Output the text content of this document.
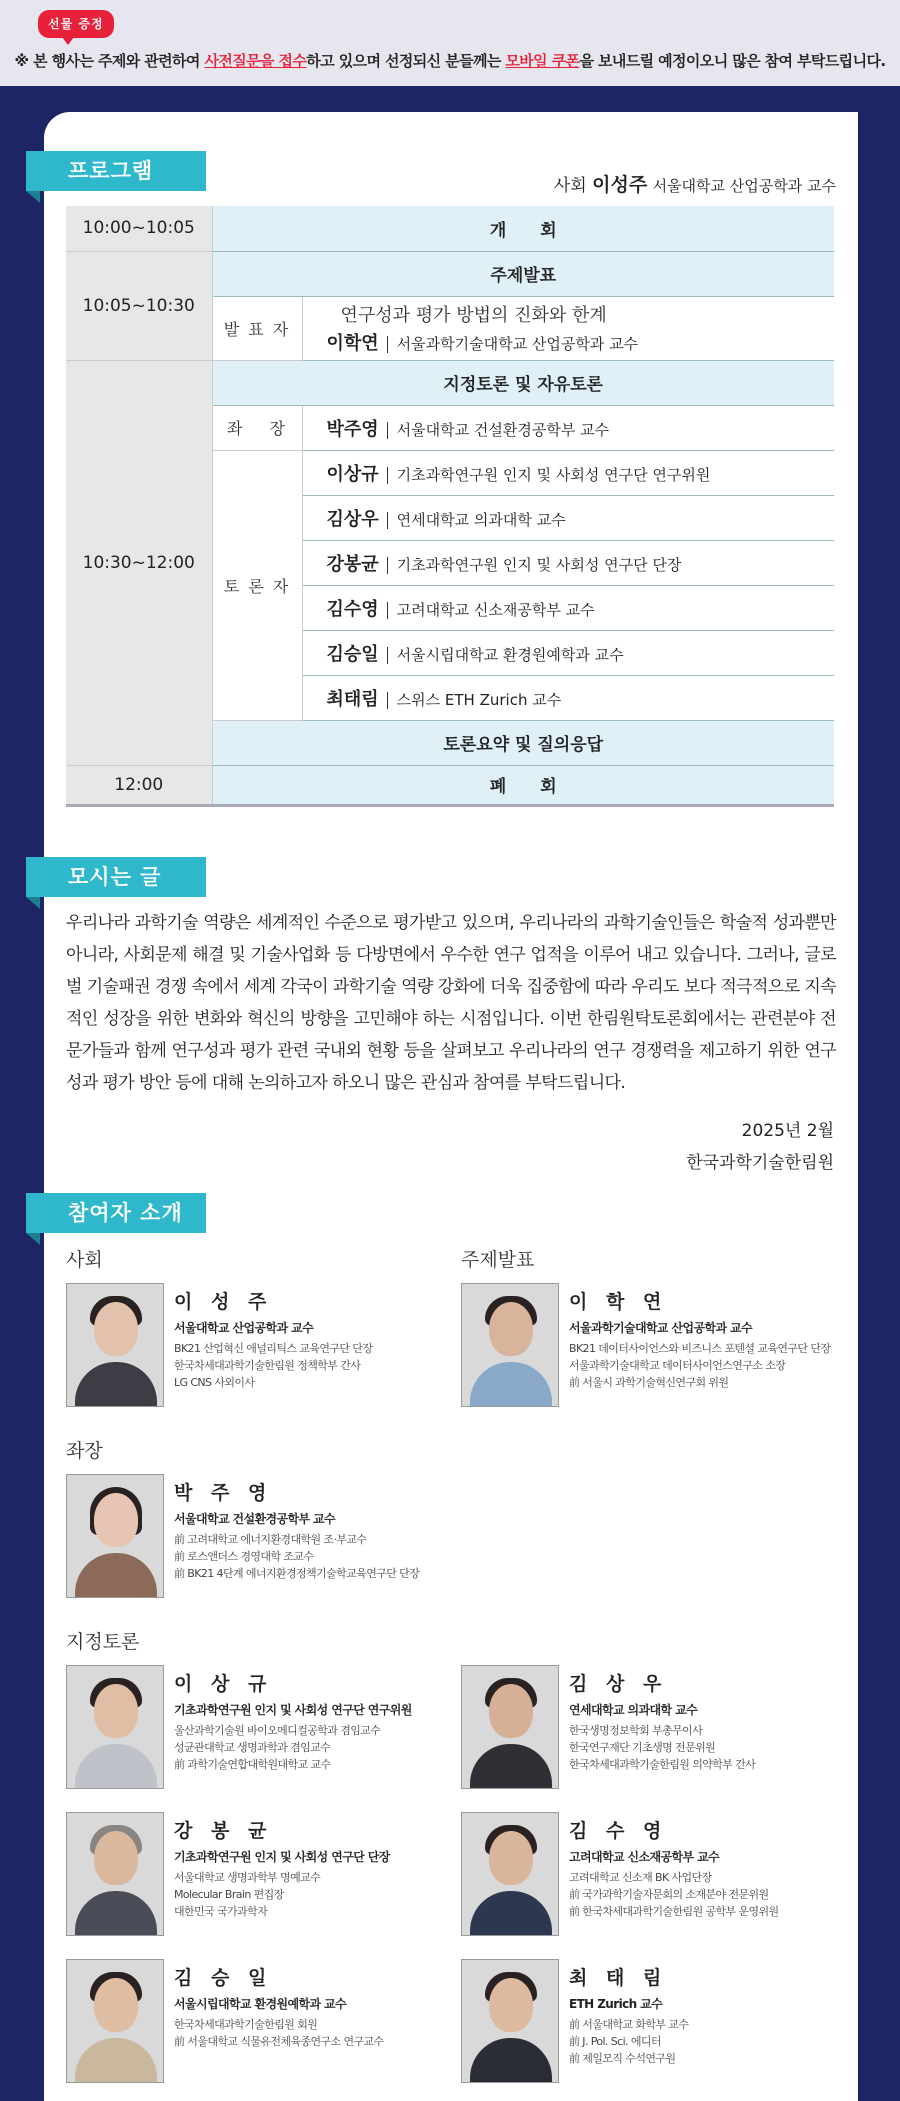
선물 증정
※ 본 행사는 주제와 관련하여 사전질문을 접수하고 있으며 선정되신 분들께는 모바일 쿠폰을 보내드릴 예정이오니 많은 참여 부탁드립니다.
프로그램
사회 이성주 서울대학교 산업공학과 교수
10:00~10:05	개　　회	
10:05~10:30	주제발표	
	발 표 자	연구성과 평가 방법의 진화와 한계
이학연 서울과학기술대학교 산업공학과 교수
10:30~12:00	지정토론 및 자유토론	
	좌　 장	박주영 서울대학교 건설환경공학부 교수
	토 론 자	이상규 기초과학연구원 인지 및 사회성 연구단 연구위원
		김상우 연세대학교 의과대학 교수
		강봉균 기초과학연구원 인지 및 사회성 연구단 단장
		김수영 고려대학교 신소재공학부 교수
		김승일 서울시립대학교 환경원예학과 교수
		최태림 스위스 ETH Zurich 교수
	토론요약 및 질의응답	
12:00	폐　　회	
모시는 글

우리나라 과학기술 역량은 세계적인 수준으로 평가받고 있으며, 우리나라의 과학기술인들은 학술적 성과뿐만 아니라, 사회문제 해결 및 기술사업화 등 다방면에서 우수한 연구 업적을 이루어 내고 있습니다. 그러나, 글로벌 기술패권 경쟁 속에서 세계 각국이 과학기술 역량 강화에 더욱 집중함에 따라 우리도 보다 적극적으로 지속적인 성장을 위한 변화와 혁신의 방향을 고민해야 하는 시점입니다. 이번 한림원탁토론회에서는 관련분야 전문가들과 함께 연구성과 평가 관련 국내외 현황 등을 살펴보고 우리나라의 연구 경쟁력을 제고하기 위한 연구성과 평가 방안 등에 대해 논의하고자 하오니 많은 관심과 참여를 부탁드립니다.

2025년 2월
한국과학기술한림원
참여자 소개
사회	주제발표
이 성 주
서울대학교 산업공학과 교수
BK21 산업혁신 애널리틱스 교육연구단 단장
한국차세대과학기술한림원 정책학부 간사
LG CNS 사외이사
이 학 연
서울과학기술대학교 산업공학과 교수
BK21 데이터사이언스와 비즈니스 포텐셜 교육연구단 단장
서울과학기술대학교 데이터사이언스연구소 소장
前 서울시 과학기술혁신연구회 위원
좌장
박 주 영
서울대학교 건설환경공학부 교수
前 고려대학교 에너지환경대학원 조·부교수
前 로스앤더스 경영대학 조교수
前 BK21 4단계 에너지환경정책기술학교육연구단 단장
지정토론
이 상 규
기초과학연구원 인지 및 사회성 연구단 연구위원
울산과학기술원 바이오메디컬공학과 겸임교수
성균관대학교 생명과학과 겸임교수
前 과학기술연합대학원대학교 교수
김 상 우
연세대학교 의과대학 교수
한국생명정보학회 부총무이사
한국연구재단 기초생명 전문위원
한국차세대과학기술한림원 의약학부 간사
강 봉 균
기초과학연구원 인지 및 사회성 연구단 단장
서울대학교 생명과학부 명예교수
Molecular Brain 편집장
대한민국 국가과학자
김 수 영
고려대학교 신소재공학부 교수
고려대학교 신소재 BK 사업단장
前 국가과학기술자문회의 소재분야 전문위원
前 한국차세대과학기술한림원 공학부 운영위원
김 승 일
서울시립대학교 환경원예학과 교수
한국차세대과학기술한림원 회원
前 서울대학교 식물유전체육종연구소 연구교수
최 태 림
ETH Zurich 교수
前 서울대학교 화학부 교수
前 J. Pol. Sci. 에디터
前 제일모직 수석연구원
